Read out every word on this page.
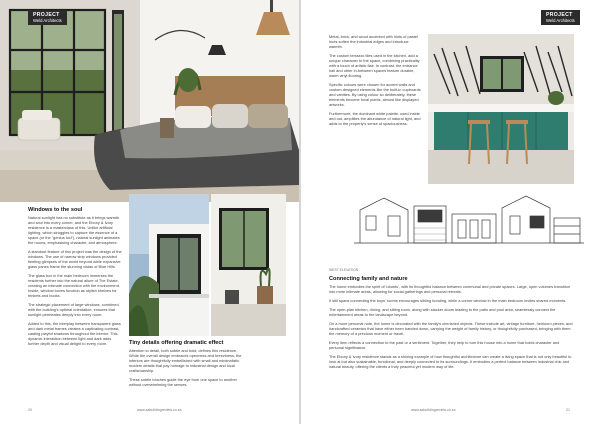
PROJECT
Weld Architects
Windows to the soul

Natural sunlight has no substitute as it brings warmth and soul into every corner, and the Ebony & Ivory residence is a masterclass of this. Unlike artificial lighting, which struggles to capture the essence of a space (or the "genius loci"), natural sunlight animates the rooms, emphasising character, and atmosphere.

A standout feature of this project was the design of the windows. The use of narrow strip windows provided fleeting glimpses of the world beyond while expansive glass panes frame the stunning vistas of Blue Hills.

The glass box in the main bedroom immerses the residents further into the natural allure of The Estate, creating an intimate connection with the environment. Inside, window boxes function as stylish shelves for trinkets and books.

The strategic placement of large windows, combined with the building's optimal orientation, ensures that sunlight permeates deeply into every room.

Added to this, the interplay between transparent glass and dark metal frames creates a captivating contrast, casting playful shadows throughout the interior. This dynamic interaction between light and dark adds further depth and visual delight to every room.	Tiny details offering dramatic effect

Attention to detail, both subtle and bold, defines this residence. While the overall design embraces openness and breeziness, the interiors are thoughtfully embellished with small and minimalistic modern details that pay homage to industrial design and local craftsmanship.

These subtle touches guide the eye from one space to another without overwhelming the senses.

20	www.sabuildingreview.co.za
PROJECT
Weld Architects

Metal, brick, and wood accented with hints of pastel hues soften the industrial edges and introduce warmth.

The custom terrazzo tiles used in the kitchen, add a unique character to the space, combining practicality with a touch of artistic flair. In contrast, the entrance hall and other in-between spaces feature durable, warm vinyl flooring.

Specific colours were chosen for accent walls and custom-designed elements like the built-in cupboards and vanities. By using colour so deliberately, these elements become focal points, almost like displayed artworks.

Furthermore, the dominant white palette, used inside and out, amplifies the abundance of natural light, and adds to the property's sense of spaciousness.

WEST ELEVATION
Connecting family and nature

The home embodies the spirit of 'ubuntu', with its thoughtful balance between communal and private spaces. Large, open volumes transition into more intimate areas, allowing for social gatherings and personal retreats.

It still spans connecting the boys' rooms encourages sibling bonding, while a corner window in the main bedroom invites shared moments.

The open-plan kitchen, dining, and sitting room, along with stacker doors leading to the patio and pool area, seamlessly connect the entertainment areas to the landscape beyond.

On a more personal note, the home is decorated with the family's cherished objects. These include art, vintage furniture, heirloom pieces, and handcrafted ceramics that have either been handed down, carrying the weight of family history, or thoughtfully purchased, bringing with them the memory of a precious moment or travel.

Every item reflects a connection to the past or a sentiment. Together, they help to turn this house into a home that holds character and personal significance.

The Ebony & Ivory residence stands as a shining example of how thoughtful architecture can create a living space that is not only beautiful to look at but also sustainable, functional, and deeply connected to its surroundings. It embodies a perfect balance between industrial chic and natural beauty, offering the clients a truly peaceful yet modern way of life.

www.sabuildingreview.co.za	21
